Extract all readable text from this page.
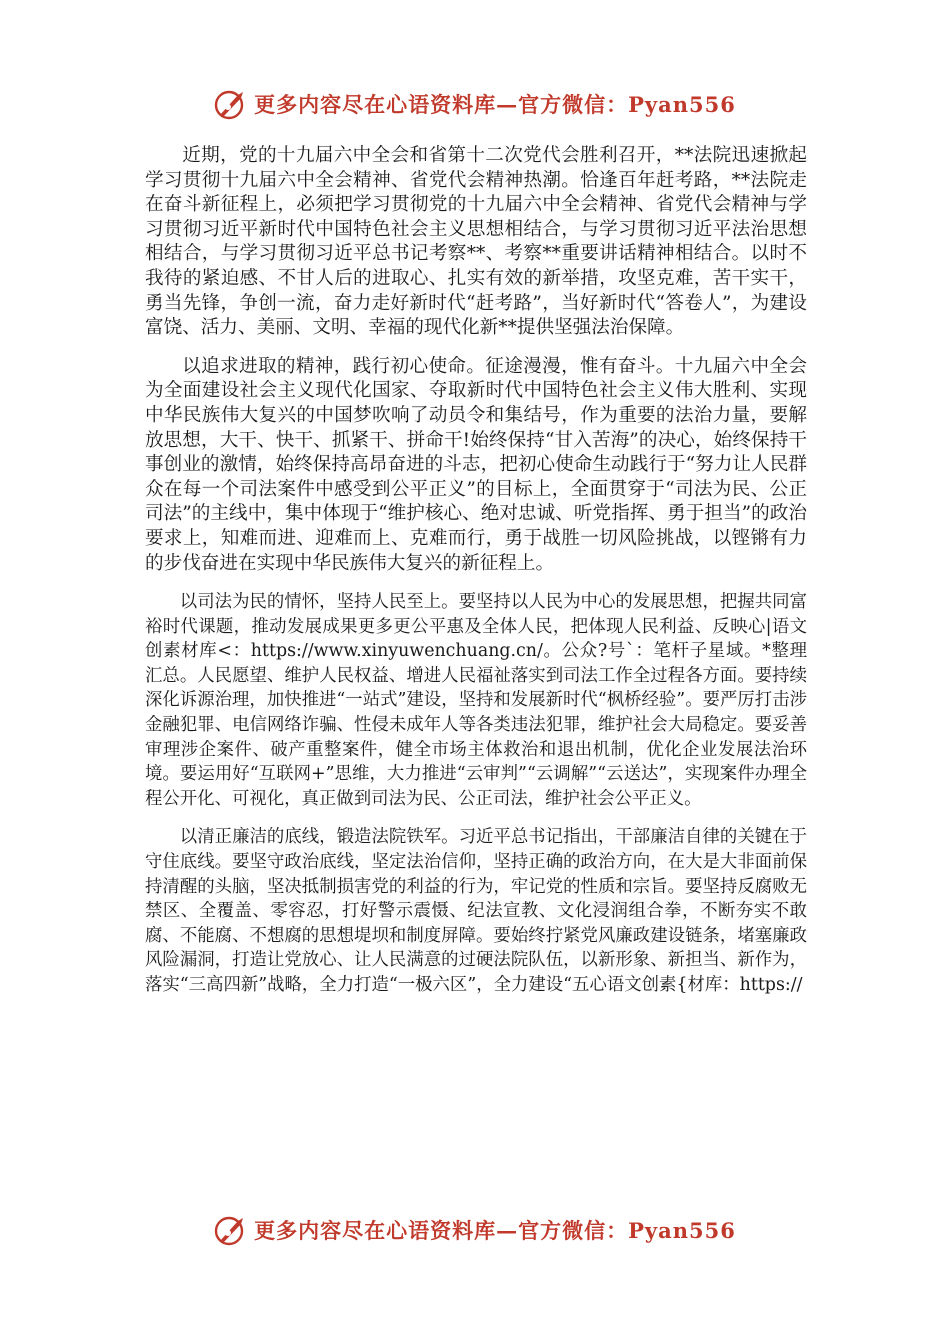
更多内容尽在心语资料库—官方微信：Pyan556

近期，党的十九届六中全会和省第十二次党代会胜利召开，**法院迅速掀起学习贯彻十九届六中全会精神、省党代会精神热潮。恰逢百年赶考路，**法院走在奋斗新征程上，必须把学习贯彻党的十九届六中全会精神、省党代会精神与学习贯彻习近平新时代中国特色社会主义思想相结合，与学习贯彻习近平法治思想相结合，与学习贯彻习近平总书记考察**、考察**重要讲话精神相结合。以时不我待的紧迫感、不甘人后的进取心、扎实有效的新举措，攻坚克难，苦干实干，勇当先锋，争创一流，奋力走好新时代“赶考路”，当好新时代“答卷人”，为建设富饶、活力、美丽、文明、幸福的现代化新**提供坚强法治保障。

以追求进取的精神，践行初心使命。征途漫漫，惟有奋斗。十九届六中全会为全面建设社会主义现代化国家、夺取新时代中国特色社会主义伟大胜利、实现中华民族伟大复兴的中国梦吹响了动员令和集结号，作为重要的法治力量，要解放思想，大干、快干、抓紧干、拼命干!始终保持“甘入苦海”的决心，始终保持干事创业的激情，始终保持高昂奋进的斗志，把初心使命生动践行于“努力让人民群众在每一个司法案件中感受到公平正义”的目标上，全面贯穿于“司法为民、公正司法”的主线中，集中体现于“维护核心、绝对忠诚、听党指挥、勇于担当”的政治要求上，知难而进、迎难而上、克难而行，勇于战胜一切风险挑战，以铿锵有力的步伐奋进在实现中华民族伟大复兴的新征程上。

以司法为民的情怀，坚持人民至上。要坚持以人民为中心的发展思想，把握共同富裕时代课题，推动发展成果更多更公平惠及全体人民，把体现人民利益、反映心|语文创素材库<：https://www.xinyuwenchuang.cn/。公众?号`：笔杆子星域。*整理汇总。人民愿望、维护人民权益、增进人民福祉落实到司法工作全过程各方面。要持续深化诉源治理，加快推进“一站式”建设，坚持和发展新时代“枫桥经验”。要严厉打击涉金融犯罪、电信网络诈骗、性侵未成年人等各类违法犯罪，维护社会大局稳定。要妥善审理涉企案件、破产重整案件，健全市场主体救治和退出机制，优化企业发展法治环境。要运用好“互联网+”思维，大力推进“云审判”“云调解”“云送达”，实现案件办理全程公开化、可视化，真正做到司法为民、公正司法，维护社会公平正义。

以清正廉洁的底线，锻造法院铁军。习近平总书记指出，干部廉洁自律的关键在于守住底线。要坚守政治底线，坚定法治信仰，坚持正确的政治方向，在大是大非面前保持清醒的头脑，坚决抵制损害党的利益的行为，牢记党的性质和宗旨。要坚持反腐败无禁区、全覆盖、零容忍，打好警示震慑、纪法宣教、文化浸润组合拳，不断夯实不敢腐、不能腐、不想腐的思想堤坝和制度屏障。要始终拧紧党风廉政建设链条，堵塞廉政风险漏洞，打造让党放心、让人民满意的过硬法院队伍，以新形象、新担当、新作为，落实“三高四新”战略，全力打造“一极六区”，全力建设“五心语文创素{材库：https://

更多内容尽在心语资料库—官方微信：Pyan556
